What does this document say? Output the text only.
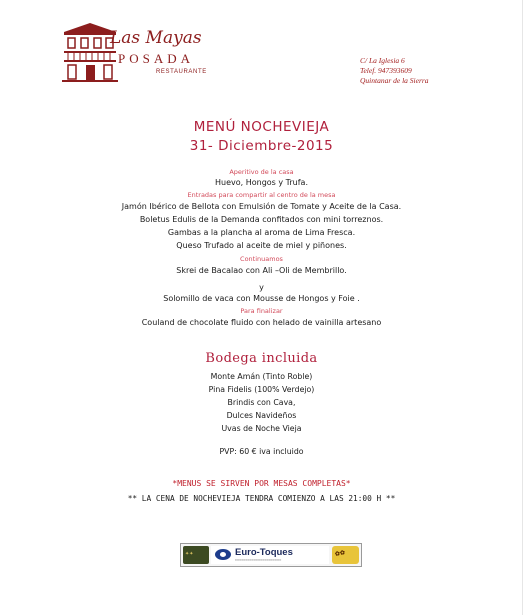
Las Mayas
POSADA
RESTAURANTE
C/ La Iglesia 6
Telef. 947393609
Quintanar de la Sierra
MENÚ NOCHEVIEJA
31- Diciembre-2015
Aperitivo de la casa
Huevo, Hongos y Trufa.
Entradas para compartir al centro de la mesa
Jamón Ibérico de Bellota con Emulsión de Tomate y Aceite de la Casa.
Boletus Edulis de la Demanda confitados con mini torreznos.
Gambas a la plancha al aroma de Lima Fresca.
Queso Trufado al aceite de miel y piñones.
Continuamos
Skrei de Bacalao con Ali –Oli de Membrillo.
y
Solomillo de vaca con Mousse de Hongos y Foie .
Para finalizar
Couland de chocolate fluido con helado de vainilla artesano
Bodega incluida
Monte Amán (Tinto Roble)
Pina Fidelis (100% Verdejo)
Brindis con Cava,
Dulces Navideños
Uvas de Noche Vieja
PVP: 60 € iva incluido
*MENUS SE SIRVEN POR MESAS COMPLETAS*
** LA CENA DE NOCHEVIEJA TENDRA COMIENZO A LAS 21:00 H **
✦✦	Euro-Toques
━━━━━━━━━━━━━━━━━━━━━━
✿✿
